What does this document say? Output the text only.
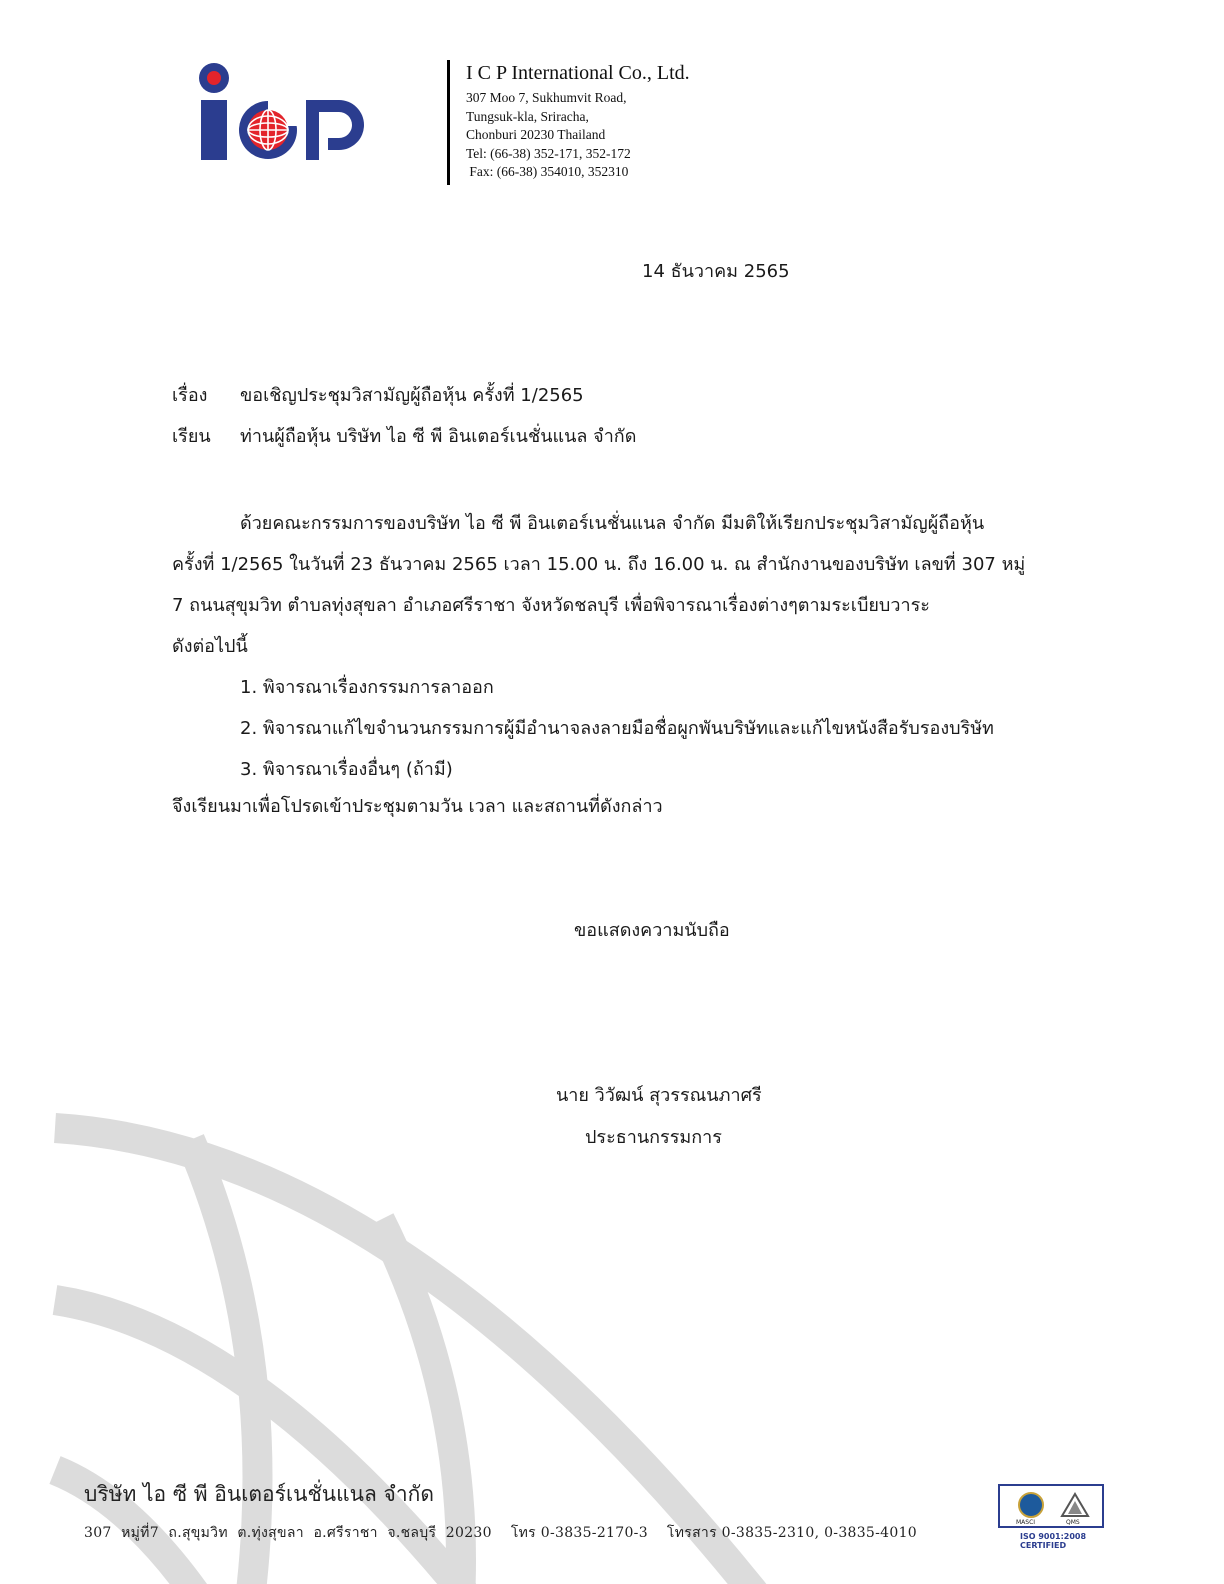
I C P International Co., Ltd.
307 Moo 7, Sukhumvit Road,
Tungsuk-kla, Sriracha,
Chonburi 20230 Thailand
Tel: (66-38) 352-171, 352-172
Fax: (66-38) 354010, 352310
14 ธันวาคม 2565
เรื่อง ขอเชิญประชุมวิสามัญผู้ถือหุ้น ครั้งที่ 1/2565
เรียน ท่านผู้ถือหุ้น บริษัท ไอ ซี พี อินเตอร์เนชั่นแนล จำกัด
ด้วยคณะกรรมการของบริษัท ไอ ซี พี อินเตอร์เนชั่นแนล จำกัด มีมติให้เรียกประชุมวิสามัญผู้ถือหุ้น
ครั้งที่ 1/2565 ในวันที่ 23 ธันวาคม 2565 เวลา 15.00 น. ถึง 16.00 น. ณ สำนักงานของบริษัท เลขที่ 307 หมู่
7 ถนนสุขุมวิท ตำบลทุ่งสุขลา อำเภอศรีราชา จังหวัดชลบุรี เพื่อพิจารณาเรื่องต่างๆตามระเบียบวาระ
ดังต่อไปนี้
1. พิจารณาเรื่องกรรมการลาออก
2. พิจารณาแก้ไขจำนวนกรรมการผู้มีอำนาจลงลายมือชื่อผูกพันบริษัทและแก้ไขหนังสือรับรองบริษัท
3. พิจารณาเรื่องอื่นๆ (ถ้ามี)
จึงเรียนมาเพื่อโปรดเข้าประชุมตามวัน เวลา และสถานที่ดังกล่าว
ขอแสดงความนับถือ
นาย วิวัฒน์ สุวรรณนภาศรี
ประธานกรรมการ
บริษัท ไอ ซี พี อินเตอร์เนชั่นแนล จำกัด
307  หมู่ที่7  ถ.สุขุมวิท  ต.ทุ่งสุขลา  อ.ศรีราชา  จ.ชลบุรี  20230    โทร 0-3835-2170-3    โทรสาร 0-3835-2310, 0-3835-4010
MASCI	QMS
ISO 9001:2008
CERTIFIED
